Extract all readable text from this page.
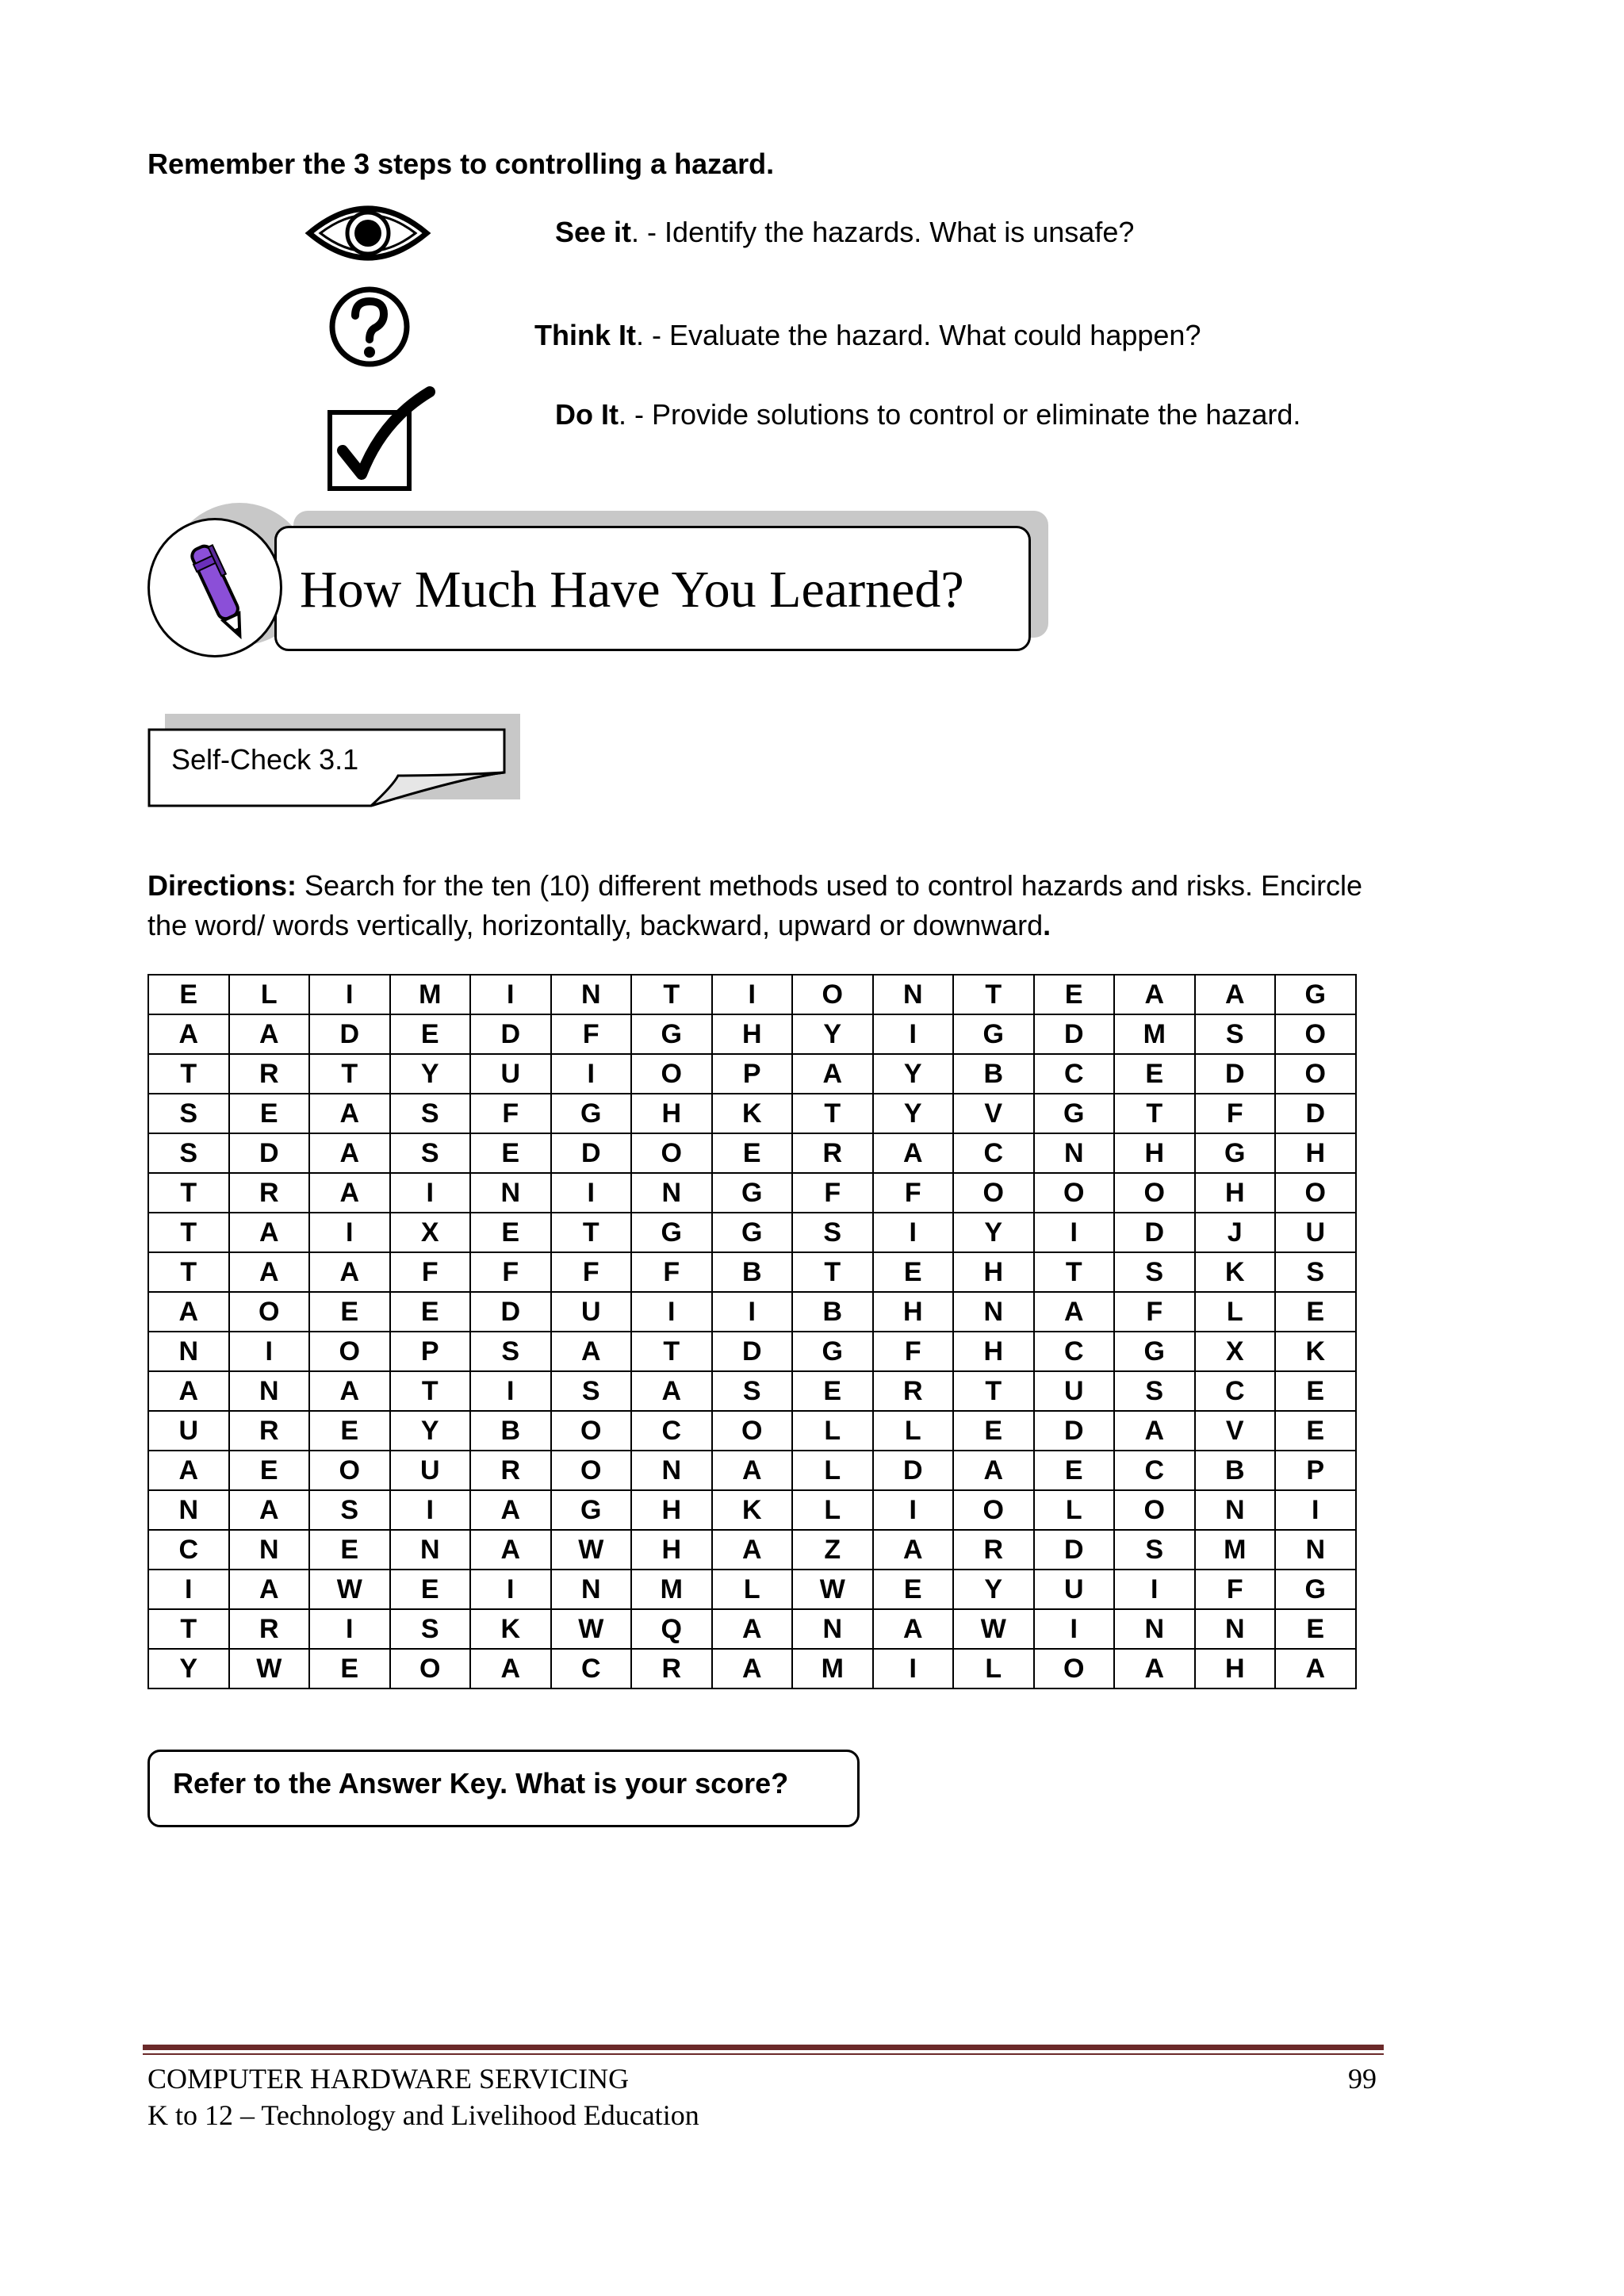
Remember the 3 steps to controlling a hazard.
See it. - Identify the hazards. What is unsafe?
Think It. - Evaluate the hazard. What could happen?
Do It. - Provide solutions to control or eliminate the hazard.
How Much Have You Learned?
Self-Check 3.1
Directions: Search for the ten (10) different methods used to control hazards and risks. Encircle the word/ words vertically, horizontally, backward, upward or downward.
E	L	I	M	I	N	T	I	O	N	T	E	A	A	G
A	A	D	E	D	F	G	H	Y	I	G	D	M	S	O
T	R	T	Y	U	I	O	P	A	Y	B	C	E	D	O
S	E	A	S	F	G	H	K	T	Y	V	G	T	F	D
S	D	A	S	E	D	O	E	R	A	C	N	H	G	H
T	R	A	I	N	I	N	G	F	F	O	O	O	H	O
T	A	I	X	E	T	G	G	S	I	Y	I	D	J	U
T	A	A	F	F	F	F	B	T	E	H	T	S	K	S
A	O	E	E	D	U	I	I	B	H	N	A	F	L	E
N	I	O	P	S	A	T	D	G	F	H	C	G	X	K
A	N	A	T	I	S	A	S	E	R	T	U	S	C	E
U	R	E	Y	B	O	C	O	L	L	E	D	A	V	E
A	E	O	U	R	O	N	A	L	D	A	E	C	B	P
N	A	S	I	A	G	H	K	L	I	O	L	O	N	I
C	N	E	N	A	W	H	A	Z	A	R	D	S	M	N
I	A	W	E	I	N	M	L	W	E	Y	U	I	F	G
T	R	I	S	K	W	Q	A	N	A	W	I	N	N	E
Y	W	E	O	A	C	R	A	M	I	L	O	A	H	A
Refer to the Answer Key. What is your score?
COMPUTER HARDWARE SERVICING
K to 12 – Technology and Livelihood Education
99
